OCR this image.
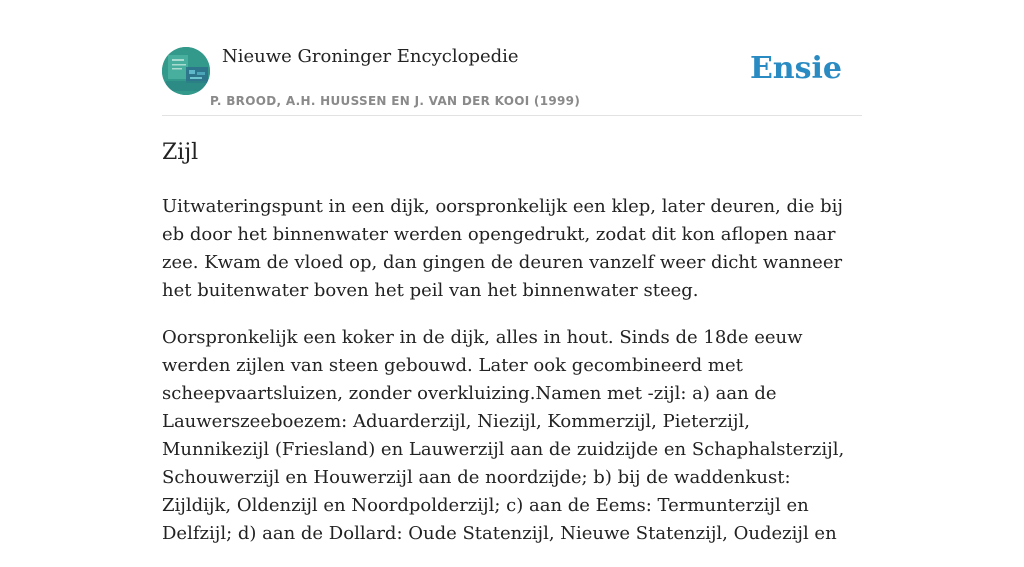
Nieuwe Groninger Encyclopedie
P. BROOD, A.H. HUUSSEN EN J. VAN DER KOOI (1999)
Ensie
Zijl

Uitwateringspunt in een dijk, oorspronkelijk een klep, later deuren, die bij eb door het binnenwater werden opengedrukt, zodat dit kon aflopen naar zee. Kwam de vloed op, dan gingen de deuren vanzelf weer dicht wanneer het buitenwater boven het peil van het binnenwater steeg.

Oorspronkelijk een koker in de dijk, alles in hout. Sinds de 18de eeuw werden zijlen van steen gebouwd. Later ook gecombineerd met scheepvaartsluizen, zonder overkluizing.Namen met -zijl: a) aan de Lauwerszeeboezem: Aduarderzijl, Niezijl, Kommerzijl, Pieterzijl, Munnikezijl (Friesland) en Lauwerzijl aan de zuidzijde en Schaphalsterzijl, Schouwerzijl en Houwerzijl aan de noordzijde; b) bij de waddenkust: Zijldijk, Oldenzijl en Noordpolderzijl; c) aan de Eems: Termunterzijl en Delfzijl; d) aan de Dollard: Oude Statenzijl, Nieuwe Statenzijl, Oudezijl en
